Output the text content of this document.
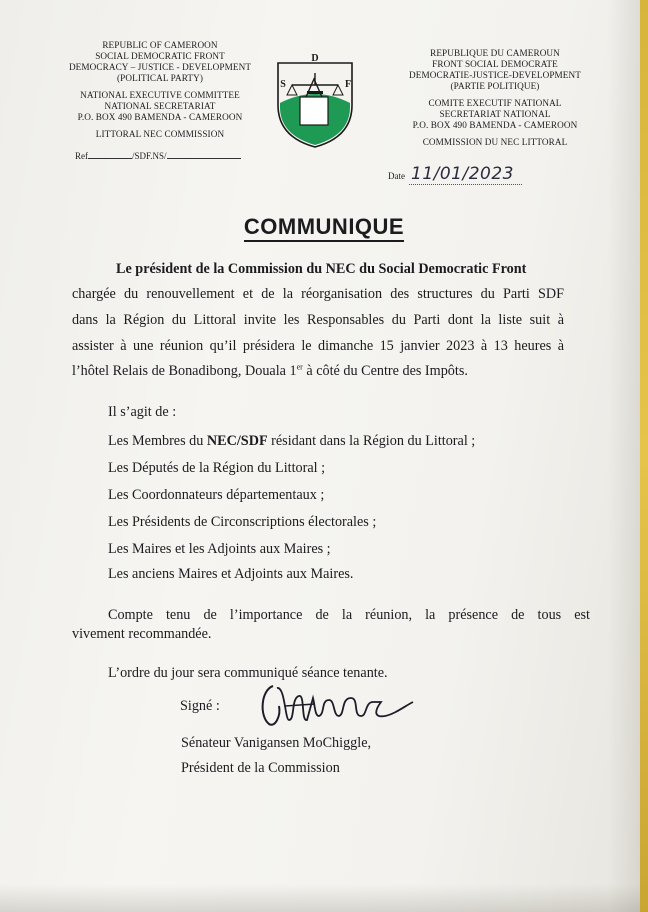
REPUBLIC OF CAMEROON
SOCIAL DEMOCRATIC FRONT
DEMOCRACY – JUSTICE - DEVELOPMENT
(POLITICAL PARTY)
NATIONAL EXECUTIVE COMMITTEE
NATIONAL SECRETARIAT
P.O. BOX 490 BAMENDA - CAMEROON
LITTORAL NEC COMMISSION
Ref	/SDF.NS/
D
S	F
REPUBLIQUE DU CAMEROUN
FRONT SOCIAL DEMOCRATE
DEMOCRATIE-JUSTICE-DEVELOPMENT
(PARTIE POLITIQUE)
COMITE EXECUTIF NATIONAL
SECRETARIAT NATIONAL
P.O. BOX 490 BAMENDA - CAMEROON
COMMISSION DU NEC LITTORAL
Date 11/01/2023
COMMUNIQUE
Le président de la Commission du NEC du Social Democratic Front
chargée du renouvellement et de la réorganisation des structures du Parti SDF
dans la Région du Littoral invite les Responsables du Parti dont la liste suit à
assister à une réunion qu’il présidera le dimanche 15 janvier 2023 à 13 heures à
l’hôtel Relais de Bonadibong, Douala 1er à côté du Centre des Impôts.
Il s’agit de :
Les Membres du NEC/SDF résidant dans la Région du Littoral ;
Les Députés de la Région du Littoral ;
Les Coordonnateurs départementaux ;
Les Présidents de Circonscriptions électorales ;
Les Maires et les Adjoints aux Maires ;
Les anciens Maires et Adjoints aux Maires.
Compte tenu de l’importance de la réunion, la présence de tous est
vivement recommandée.
L’ordre du jour sera communiqué séance tenante.
Signé :
Sénateur Vanigansen MoChiggle,
Président de la Commission
